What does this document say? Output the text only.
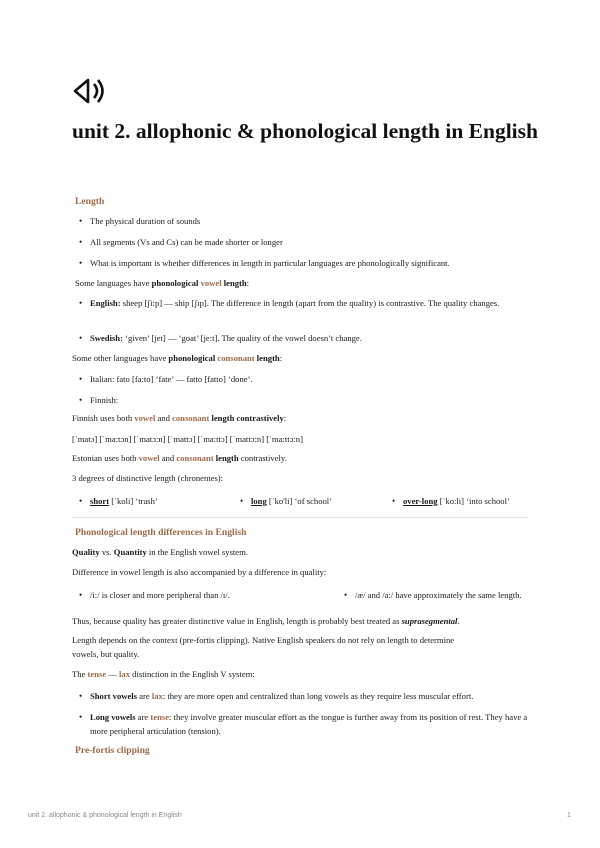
unit 2. allophonic & phonological length in English
Length
• The physical duration of sounds
• All segments (Vs and Cs) can be made shorter or longer
• What is important is whether differences in length in particular languages are phonologically significant.
Some languages have phonological vowel length:
• English: sheep [ʃi:p] — ship [ʃɪp]. The difference in length (apart from the quality) is contrastive. The quality changes.
• Swedish: ‘given’ [jet] — ‘goat’ [je:t]. The quality of the vowel doesn’t change.
Some other languages have phonological consonant length:
• Italian: fato [fa:to] ‘fate’ — fatto [fatto] ‘done’.
• Finnish:
Finnish uses both vowel and consonant length contrastively:
[ˈmatɔ] [ˈma:tɔn] [ˈmatɔ:n] [ˈmattɔ] [ˈma:ttɔ] [ˈmattɔ:n] [ˈma:ttɔ:n]
Estonian uses both vowel and consonant length contrastively.
3 degrees of distinctive length (chronemes):
• short [ˈkoli] ‘trash’	• long [ˈko'li] ‘of school’	• over-long [ˈko:li] ‘into school’
Phonological length differences in English
Quality vs. Quantity in the English vowel system.
Difference in vowel length is also accompanied by a difference in quality:
• /i:/ is closer and more peripheral than /ɪ/.	• /æ/ and /a:/ have approximately the same length.
Thus, because quality has greater distinctive value in English, length is probably best treated as suprasegmental.
Length depends on the context (pre-fortis clipping). Native English speakers do not rely on length to determine
vowels, but quality.
The tense — lax distinction in the English V system:
• Short vowels are lax: they are more open and centralized than long vowels as they require less muscular effort.
• Long vowels are tense: they involve greater muscular effort as the tongue is further away from its position of rest. They have a more peripheral articulation (tension).
Pre-fortis clipping
unit 2. allophonic & phonological length in English	1
